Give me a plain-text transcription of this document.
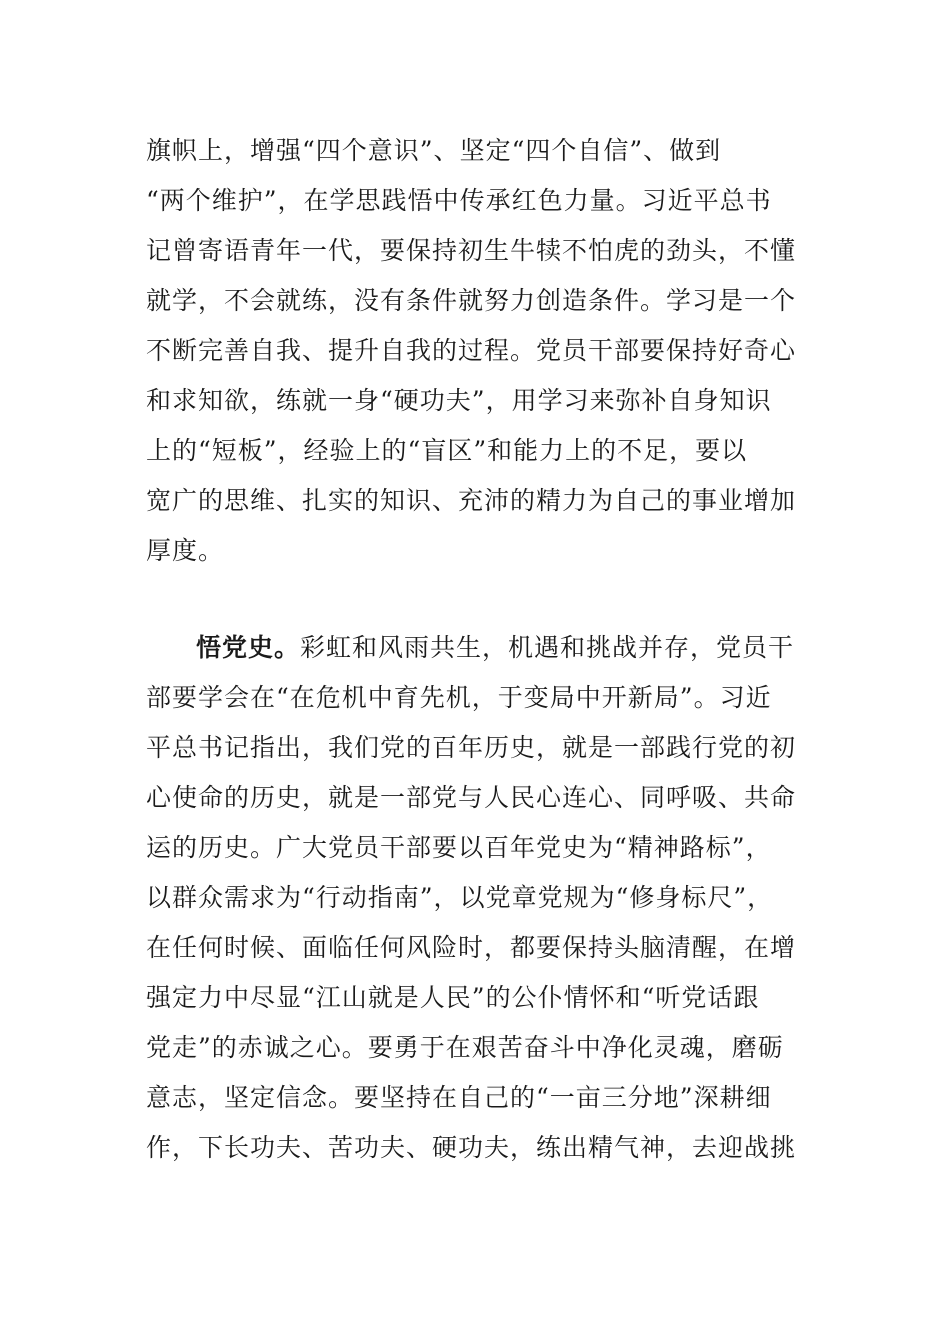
旗帜上，增强“四个意识”、坚定“四个自信”、做到
“两个维护”，在学思践悟中传承红色力量。习近平总书
记曾寄语青年一代，要保持初生牛犊不怕虎的劲头，不懂
就学，不会就练，没有条件就努力创造条件。学习是一个
不断完善自我、提升自我的过程。党员干部要保持好奇心
和求知欲，练就一身“硬功夫”，用学习来弥补自身知识
上的“短板”，经验上的“盲区”和能力上的不足，要以
宽广的思维、扎实的知识、充沛的精力为自己的事业增加
厚度。
悟党史。彩虹和风雨共生，机遇和挑战并存，党员干
部要学会在“在危机中育先机，于变局中开新局”。习近
平总书记指出，我们党的百年历史，就是一部践行党的初
心使命的历史，就是一部党与人民心连心、同呼吸、共命
运的历史。广大党员干部要以百年党史为“精神路标”，
以群众需求为“行动指南”，以党章党规为“修身标尺”，
在任何时候、面临任何风险时，都要保持头脑清醒，在增
强定力中尽显“江山就是人民”的公仆情怀和“听党话跟
党走”的赤诚之心。要勇于在艰苦奋斗中净化灵魂，磨砺
意志，坚定信念。要坚持在自己的“一亩三分地”深耕细
作，下长功夫、苦功夫、硬功夫，练出精气神，去迎战挑
